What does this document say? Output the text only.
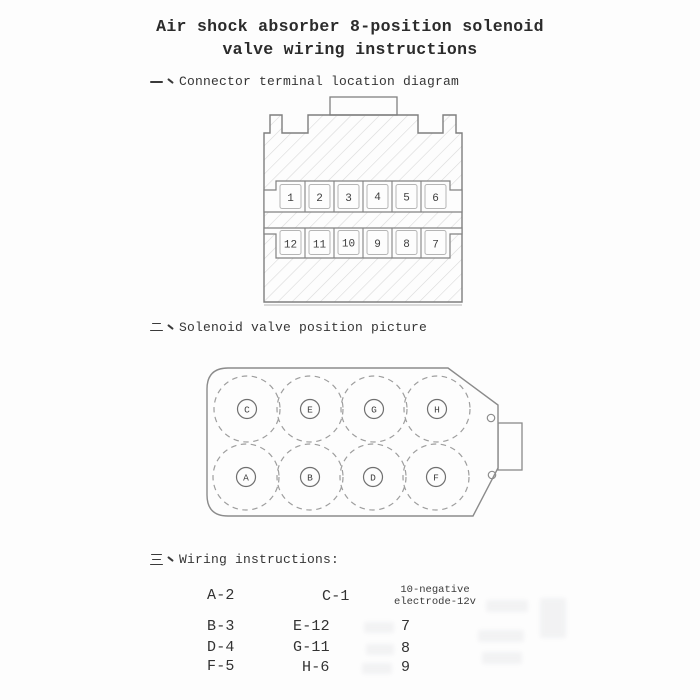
Air shock absorber 8-position solenoid
valve wiring instructions
Connector terminal location diagram
1 2 3 4 5 6
12 11 10 9 8 7
Solenoid valve position picture
C	E	G	H
A	B	D	F
Wiring instructions:
A-2	C-1	10-negative
electrode-12v
B-3	E-12	7
D-4	G-11	8
F-5	H-6	9
